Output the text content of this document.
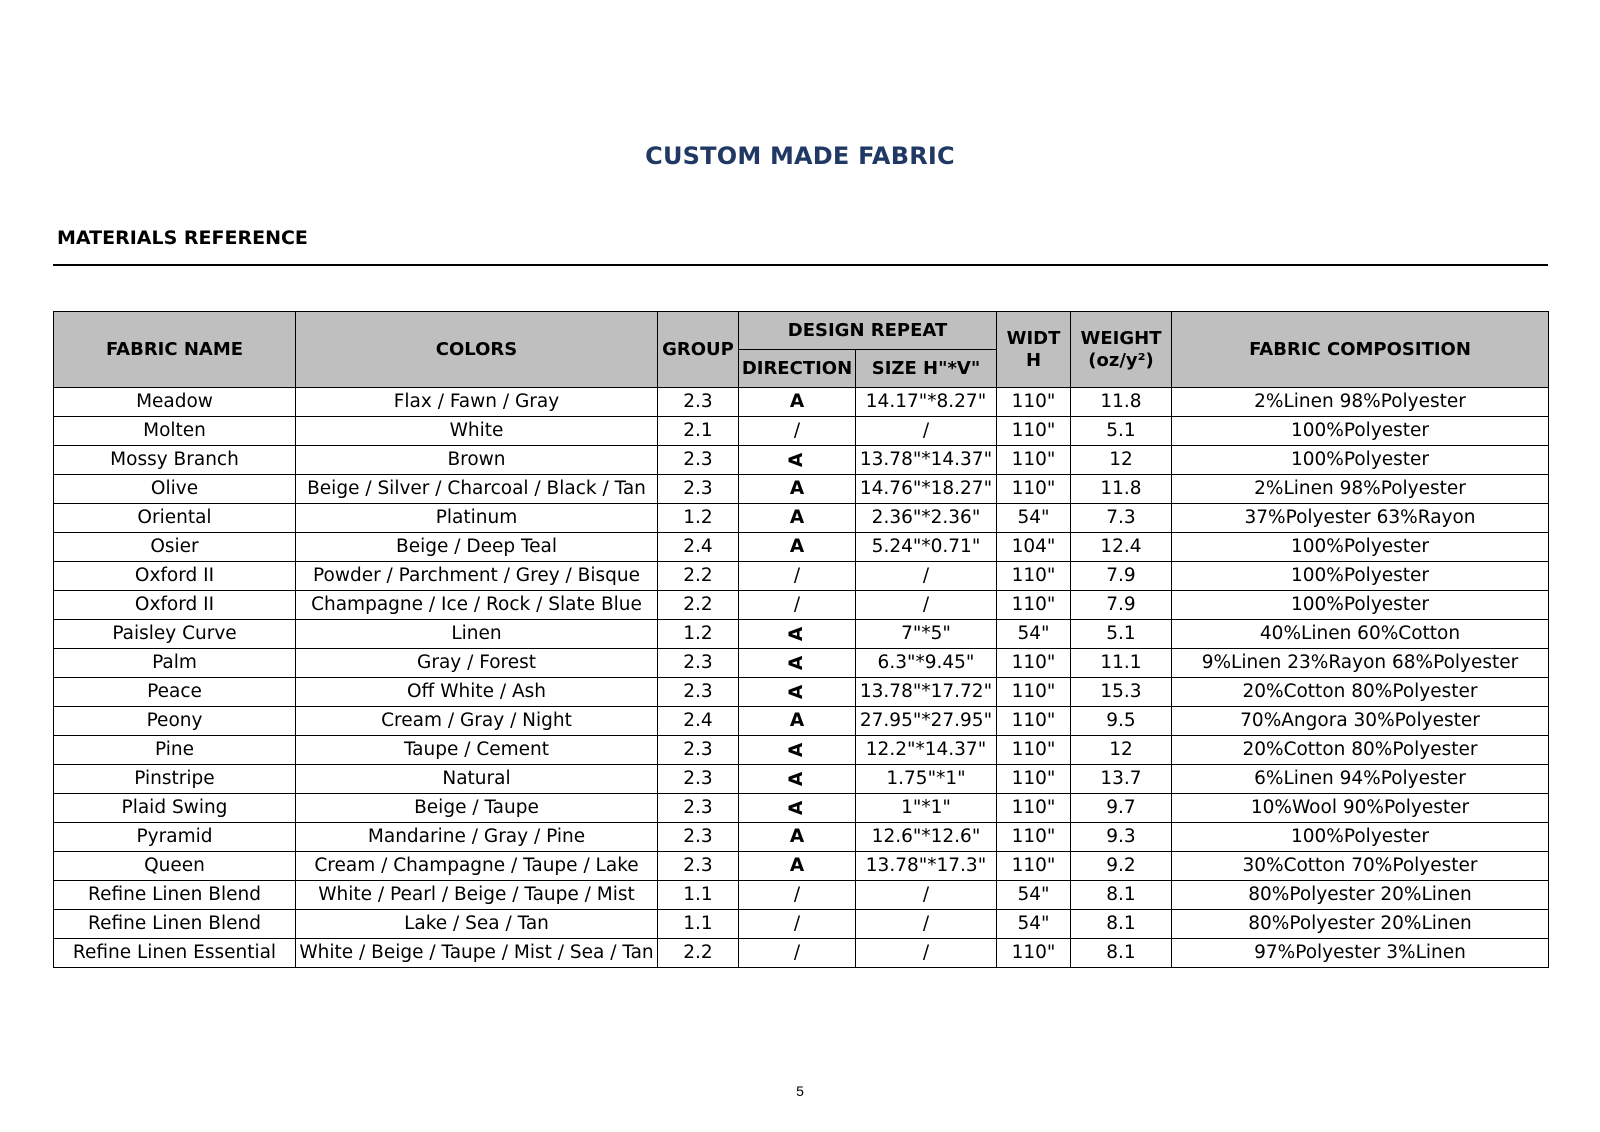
CUSTOM MADE FABRIC
MATERIALS REFERENCE
FABRIC NAME	COLORS	GROUP	DESIGN REPEAT		WIDT H	WEIGHT (oz/y²)	FABRIC COMPOSITION
			DIRECTION	SIZE H"*V"			
Meadow	Flax / Fawn / Gray	2.3	A	14.17"*8.27"	110"	11.8	2%Linen 98%Polyester
Molten	White	2.1	/	/	110"	5.1	100%Polyester
Mossy Branch	Brown	2.3	A	13.78"*14.37"	110"	12	100%Polyester
Olive	Beige / Silver / Charcoal / Black / Tan	2.3	A	14.76"*18.27"	110"	11.8	2%Linen 98%Polyester
Oriental	Platinum	1.2	A	2.36"*2.36"	54"	7.3	37%Polyester 63%Rayon
Osier	Beige / Deep Teal	2.4	A	5.24"*0.71"	104"	12.4	100%Polyester
Oxford II	Powder / Parchment / Grey / Bisque	2.2	/	/	110"	7.9	100%Polyester
Oxford II	Champagne / Ice / Rock / Slate Blue	2.2	/	/	110"	7.9	100%Polyester
Paisley Curve	Linen	1.2	A	7"*5"	54"	5.1	40%Linen 60%Cotton
Palm	Gray / Forest	2.3	A	6.3"*9.45"	110"	11.1	9%Linen 23%Rayon 68%Polyester
Peace	Off White / Ash	2.3	A	13.78"*17.72"	110"	15.3	20%Cotton 80%Polyester
Peony	Cream / Gray / Night	2.4	A	27.95"*27.95"	110"	9.5	70%Angora 30%Polyester
Pine	Taupe / Cement	2.3	A	12.2"*14.37"	110"	12	20%Cotton 80%Polyester
Pinstripe	Natural	2.3	A	1.75"*1"	110"	13.7	6%Linen 94%Polyester
Plaid Swing	Beige / Taupe	2.3	A	1"*1"	110"	9.7	10%Wool 90%Polyester
Pyramid	Mandarine / Gray / Pine	2.3	A	12.6"*12.6"	110"	9.3	100%Polyester
Queen	Cream / Champagne / Taupe / Lake	2.3	A	13.78"*17.3"	110"	9.2	30%Cotton 70%Polyester
Refine Linen Blend	White / Pearl / Beige / Taupe / Mist	1.1	/	/	54"	8.1	80%Polyester 20%Linen
Refine Linen Blend	Lake / Sea / Tan	1.1	/	/	54"	8.1	80%Polyester 20%Linen
Refine Linen Essential	White / Beige / Taupe / Mist / Sea / Tan	2.2	/	/	110"	8.1	97%Polyester 3%Linen
5
